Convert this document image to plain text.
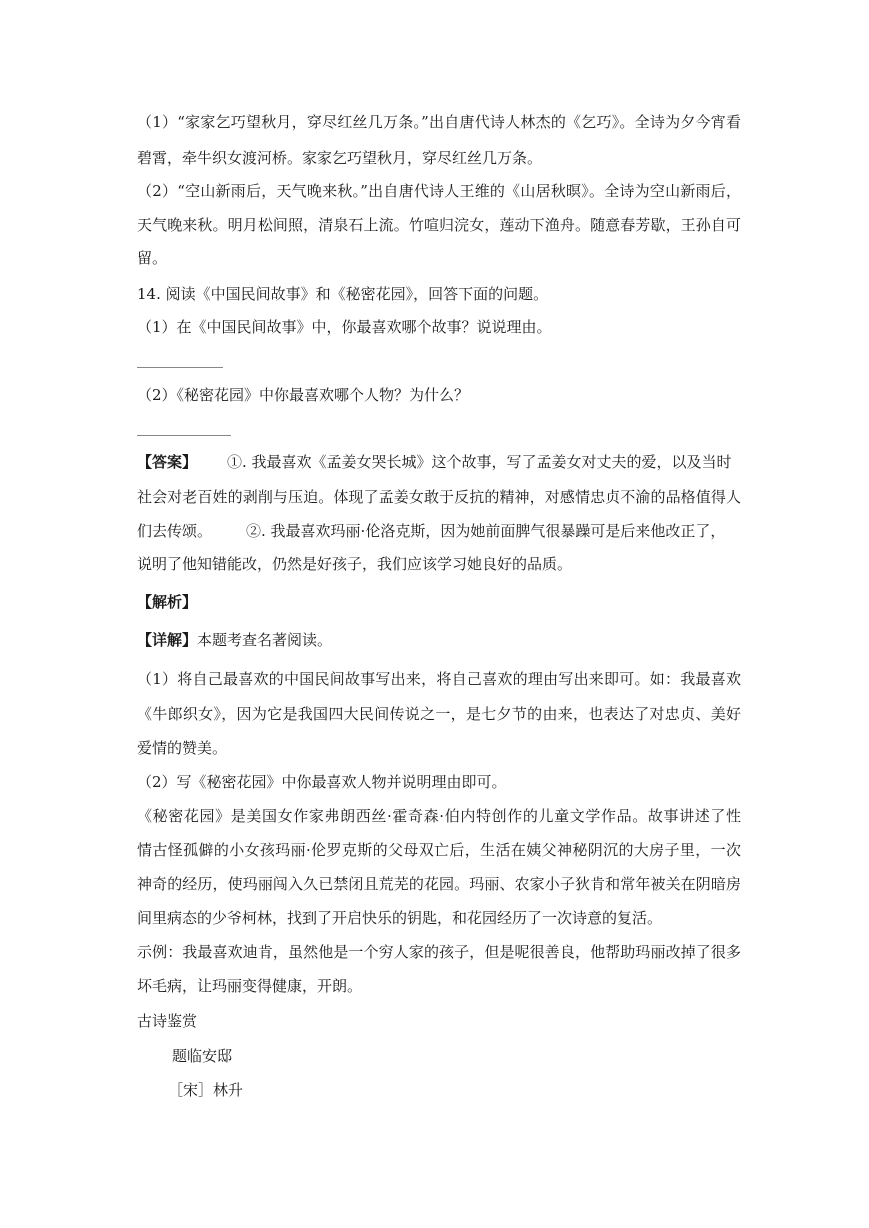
（1）“家家乞巧望秋月，穿尽红丝几万条。”出自唐代诗人林杰的《乞巧》。全诗为夕今宵看
碧霄，牵牛织女渡河桥。家家乞巧望秋月，穿尽红丝几万条。
（2）“空山新雨后，天气晚来秋。”出自唐代诗人王维的《山居秋暝》。全诗为空山新雨后，
天气晚来秋。明月松间照，清泉石上流。竹喧归浣女，莲动下渔舟。随意春芳歇，王孙自可
留。
14. 阅读《中国民间故事》和《秘密花园》，回答下面的问题。
（1）在《中国民间故事》中，你最喜欢哪个故事？说说理由。
（2）《秘密花园》中你最喜欢哪个人物？为什么？
【答案】 ①. 我最喜欢《孟姜女哭长城》这个故事，写了孟姜女对丈夫的爱，以及当时
社会对老百姓的剥削与压迫。体现了孟姜女敢于反抗的精神，对感情忠贞不渝的品格值得人
们去传颂。 ②. 我最喜欢玛丽·伦洛克斯，因为她前面脾气很暴躁可是后来他改正了，
说明了他知错能改，仍然是好孩子，我们应该学习她良好的品质。
【解析】
【详解】本题考查名著阅读。
（1）将自己最喜欢的中国民间故事写出来，将自己喜欢的理由写出来即可。如：我最喜欢
《牛郎织女》，因为它是我国四大民间传说之一，是七夕节的由来，也表达了对忠贞、美好
爱情的赞美。
（2）写《秘密花园》中你最喜欢人物并说明理由即可。
《秘密花园》是美国女作家弗朗西丝·霍奇森·伯内特创作的儿童文学作品。故事讲述了性
情古怪孤僻的小女孩玛丽·伦罗克斯的父母双亡后，生活在姨父神秘阴沉的大房子里，一次
神奇的经历，使玛丽闯入久已禁闭且荒芜的花园。玛丽、农家小子狄肯和常年被关在阴暗房
间里病态的少爷柯林，找到了开启快乐的钥匙，和花园经历了一次诗意的复活。
示例：我最喜欢迪肯，虽然他是一个穷人家的孩子，但是呢很善良，他帮助玛丽改掉了很多
坏毛病，让玛丽变得健康，开朗。
古诗鉴赏
题临安邸
［宋］林升
